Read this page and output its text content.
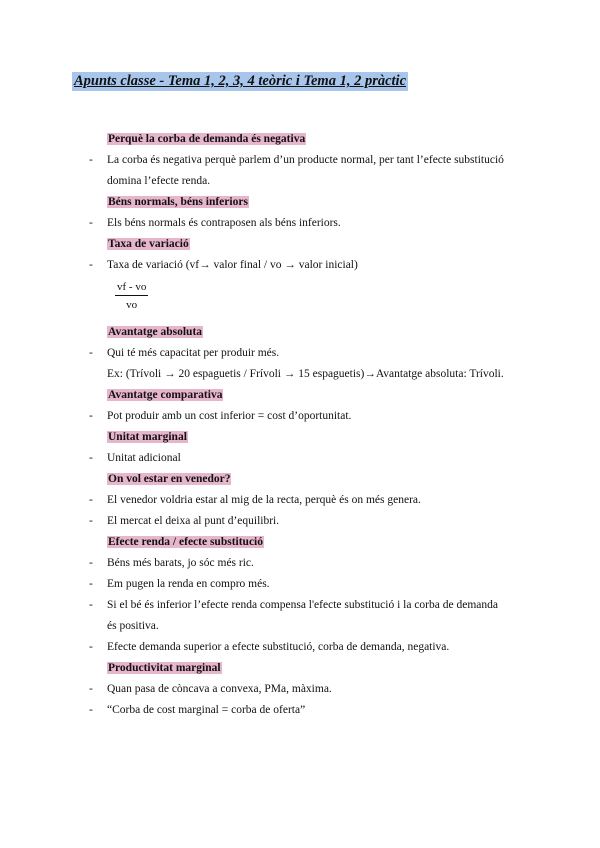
Apunts classe - Tema 1, 2, 3, 4 teòric i Tema 1, 2 pràctic
Perquè la corba de demanda és negativa
- La corba és negativa perquè parlem d’un producte normal, per tant l’efecte substitució
domina l’efecte renda.
Béns normals, béns inferiors
- Els béns normals és contraposen als béns inferiors.
Taxa de variació
- Taxa de variació (vf→ valor final / vo → valor inicial)
$\frac{vf - vo}{vo}$
Avantatge absoluta
- Qui té més capacitat per produir més.
Ex: (Trívoli → 20 espaguetis / Frívoli → 15 espaguetis)→Avantatge absoluta: Trívoli.
Avantatge comparativa
- Pot produir amb un cost inferior = cost d’oportunitat.
Unitat marginal
- Unitat adicional
On vol estar en venedor?
- El venedor voldria estar al mig de la recta, perquè és on més genera.
- El mercat el deixa al punt d’equilibri.
Efecte renda / efecte substitució
- Béns més barats, jo sóc més ric.
- Em pugen la renda en compro més.
- Si el bé és inferior l’efecte renda compensa l'efecte substitució i la corba de demanda
és positiva.
- Efecte demanda superior a efecte substitució, corba de demanda, negativa.
Productivitat marginal
- Quan pasa de còncava a convexa, PMa, màxima.
- “Corba de cost marginal = corba de oferta”
